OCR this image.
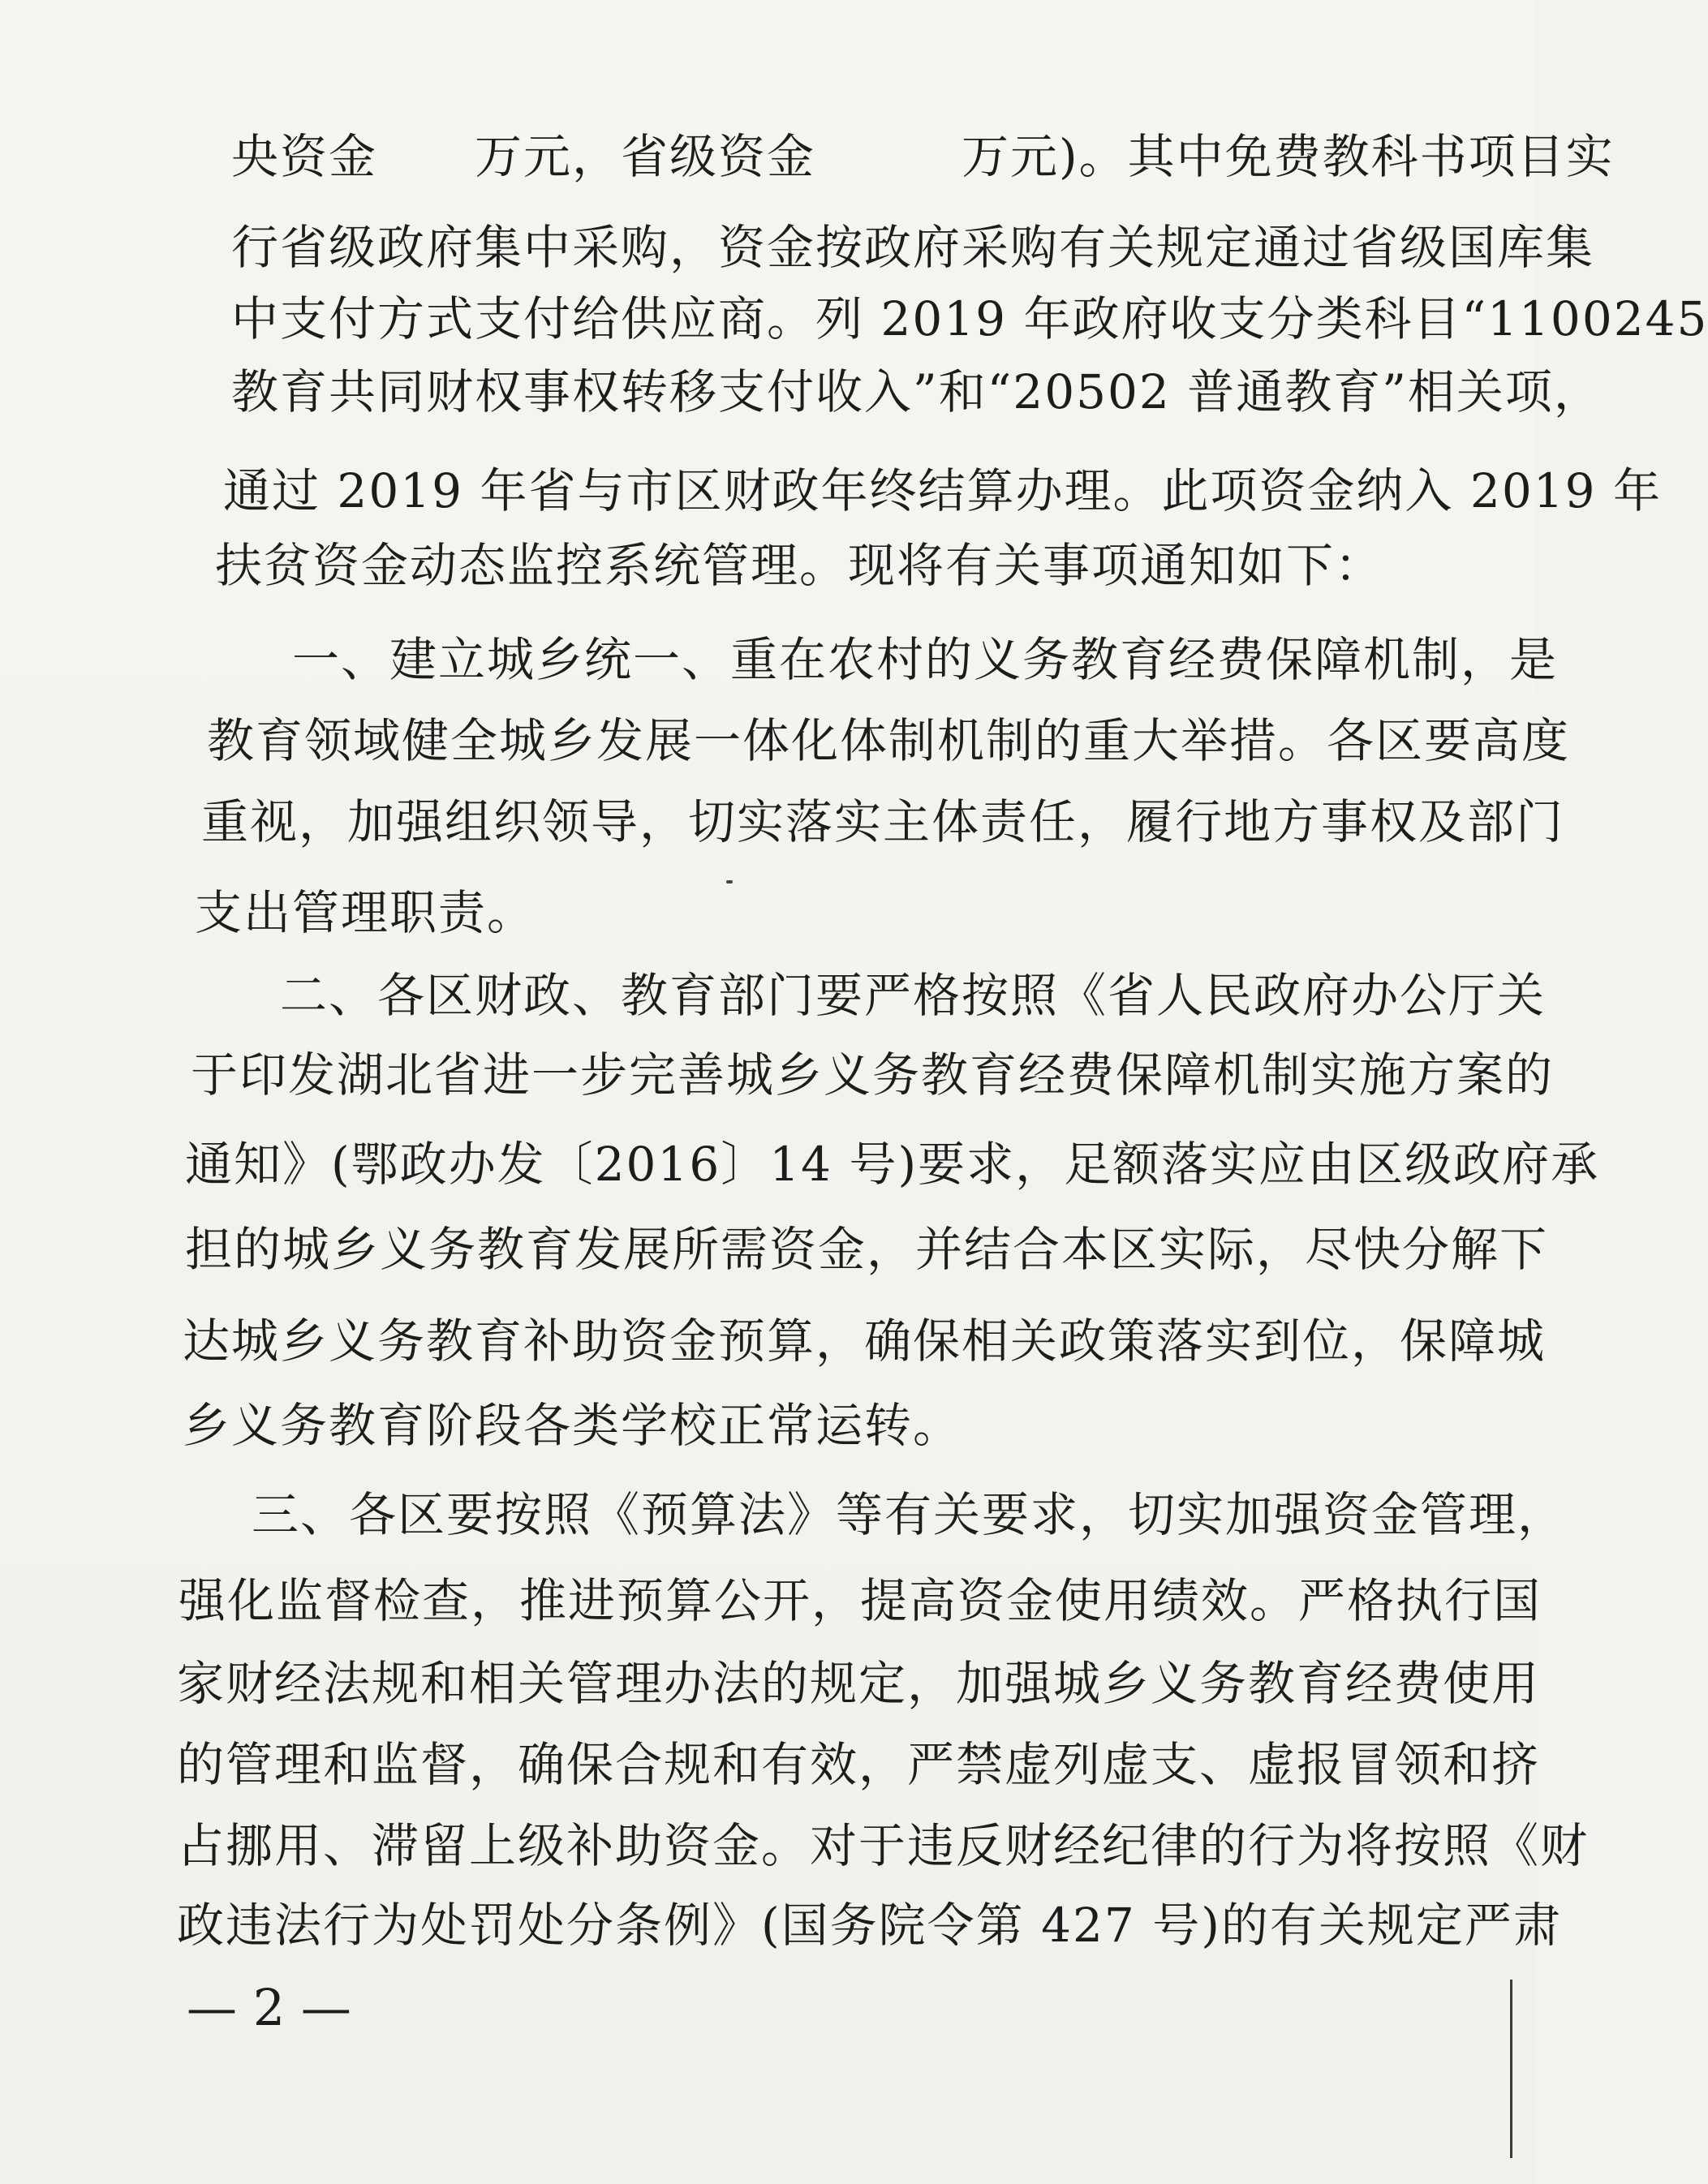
央资金　　万元，省级资金　　　万元)。其中免费教科书项目实
行省级政府集中采购，资金按政府采购有关规定通过省级国库集
中支付方式支付给供应商。列 2019 年政府收支分类科目“1100245
教育共同财权事权转移支付收入”和“20502 普通教育”相关项，
通过 2019 年省与市区财政年终结算办理。此项资金纳入 2019 年
扶贫资金动态监控系统管理。现将有关事项通知如下：
一、建立城乡统一、重在农村的义务教育经费保障机制，是
教育领域健全城乡发展一体化体制机制的重大举措。各区要高度
重视，加强组织领导，切实落实主体责任，履行地方事权及部门
支出管理职责。
二、各区财政、教育部门要严格按照《省人民政府办公厅关
于印发湖北省进一步完善城乡义务教育经费保障机制实施方案的
通知》(鄂政办发〔2016〕14 号)要求，足额落实应由区级政府承
担的城乡义务教育发展所需资金，并结合本区实际，尽快分解下
达城乡义务教育补助资金预算，确保相关政策落实到位，保障城
乡义务教育阶段各类学校正常运转。
三、各区要按照《预算法》等有关要求，切实加强资金管理，
强化监督检查，推进预算公开，提高资金使用绩效。严格执行国
家财经法规和相关管理办法的规定，加强城乡义务教育经费使用
的管理和监督，确保合规和有效，严禁虚列虚支、虚报冒领和挤
占挪用、滞留上级补助资金。对于违反财经纪律的行为将按照《财
政违法行为处罚处分条例》(国务院令第 427 号)的有关规定严肃
— 2 —
